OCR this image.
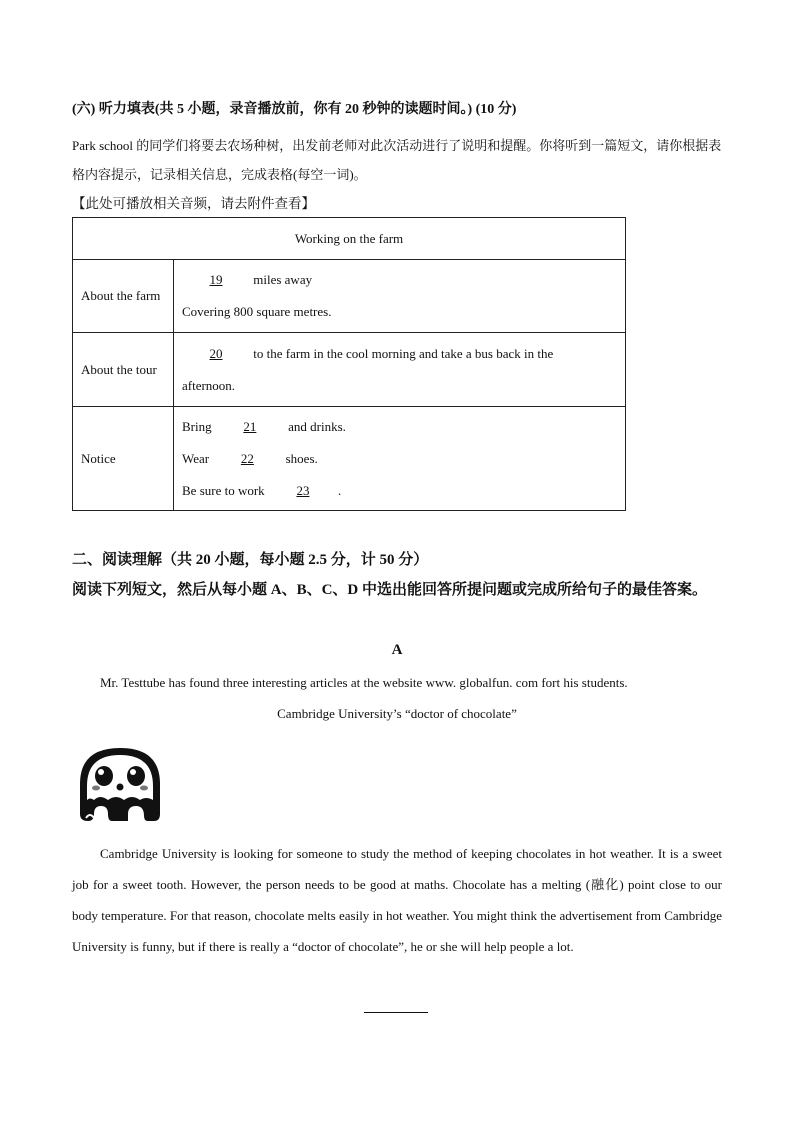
(六) 听力填表(共 5 小题，录音播放前，你有 20 秒钟的读题时间。) (10 分)
Park school 的同学们将要去农场种树，出发前老师对此次活动进行了说明和提醒。你将听到一篇短文，请你根据表格内容提示，记录相关信息，完成表格(每空一词)。
【此处可播放相关音频，请去附件查看】
Working on the farm	
About the farm	19 miles away
Covering 800 square metres.

About the tour	20 to the farm in the cool morning and take a bus back in the
afternoon.

Notice	Bring 21 and drinks.
Wear 22 shoes.
Be sure to work 23 .
二、阅读理解（共 20 小题，每小题 2.5 分，计 50 分）
阅读下列短文，然后从每小题 A、B、C、D 中选出能回答所提问题或完成所给句子的最佳答案。
A
Mr. Testtube has found three interesting articles at the website www. globalfun. com fort his students.
Cambridge University’s “doctor of chocolate”
Cambridge University is looking for someone to study the method of keeping chocolates in hot weather. It is a sweet job for a sweet tooth. However, the person needs to be good at maths. Chocolate has a melting (融化) point close to our body temperature. For that reason, chocolate melts easily in hot weather. You might think the advertisement from Cambridge University is funny, but if there is really a “doctor of chocolate”, he or she will help people a lot.
